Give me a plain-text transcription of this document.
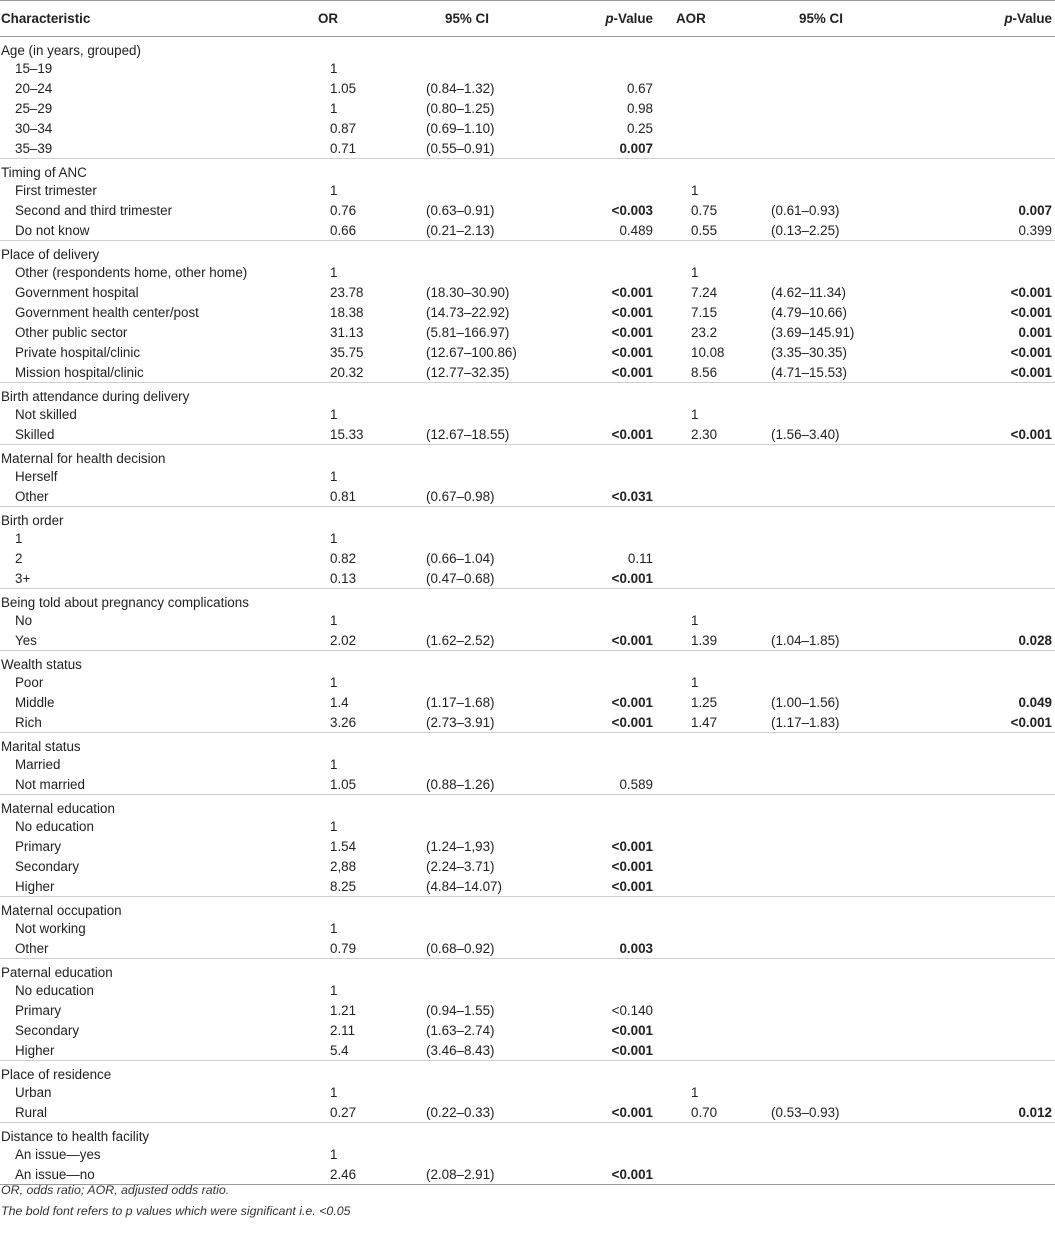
Characteristic	OR	95% CI	p-Value	AOR	95% CI	p-Value
Age (in years, grouped)						
15–19	1					
20–24	1.05	(0.84–1.32)	0.67			
25–29	1	(0.80–1.25)	0.98			
30–34	0.87	(0.69–1.10)	0.25			
35–39	0.71	(0.55–0.91)	0.007			
Timing of ANC						
First trimester	1			1		
Second and third trimester	0.76	(0.63–0.91)	<0.003	0.75	(0.61–0.93)	0.007
Do not know	0.66	(0.21–2.13)	0.489	0.55	(0.13–2.25)	0.399
Place of delivery						
Other (respondents home, other home)	1			1		
Government hospital	23.78	(18.30–30.90)	<0.001	7.24	(4.62–11.34)	<0.001
Government health center/post	18.38	(14.73–22.92)	<0.001	7.15	(4.79–10.66)	<0.001
Other public sector	31.13	(5.81–166.97)	<0.001	23.2	(3.69–145.91)	0.001
Private hospital/clinic	35.75	(12.67–100.86)	<0.001	10.08	(3.35–30.35)	<0.001
Mission hospital/clinic	20.32	(12.77–32.35)	<0.001	8.56	(4.71–15.53)	<0.001
Birth attendance during delivery						
Not skilled	1			1		
Skilled	15.33	(12.67–18.55)	<0.001	2.30	(1.56–3.40)	<0.001
Maternal for health decision						
Herself	1					
Other	0.81	(0.67–0.98)	<0.031			
Birth order						
1	1					
2	0.82	(0.66–1.04)	0.11			
3+	0.13	(0.47–0.68)	<0.001			
Being told about pregnancy complications						
No	1			1		
Yes	2.02	(1.62–2.52)	<0.001	1.39	(1.04–1.85)	0.028
Wealth status						
Poor	1			1		
Middle	1.4	(1.17–1.68)	<0.001	1.25	(1.00–1.56)	0.049
Rich	3.26	(2.73–3.91)	<0.001	1.47	(1.17–1.83)	<0.001
Marital status						
Married	1					
Not married	1.05	(0.88–1.26)	0.589			
Maternal education						
No education	1					
Primary	1.54	(1.24–1,93)	<0.001			
Secondary	2,88	(2.24–3.71)	<0.001			
Higher	8.25	(4.84–14.07)	<0.001			
Maternal occupation						
Not working	1					
Other	0.79	(0.68–0.92)	0.003			
Paternal education						
No education	1					
Primary	1.21	(0.94–1.55)	<0.140			
Secondary	2.11	(1.63–2.74)	<0.001			
Higher	5.4	(3.46–8.43)	<0.001			
Place of residence						
Urban	1			1		
Rural	0.27	(0.22–0.33)	<0.001	0.70	(0.53–0.93)	0.012
Distance to health facility						
An issue—yes	1					
An issue—no	2.46	(2.08–2.91)	<0.001			
OR, odds ratio; AOR, adjusted odds ratio.
The bold font refers to p values which were significant i.e. <0.05
